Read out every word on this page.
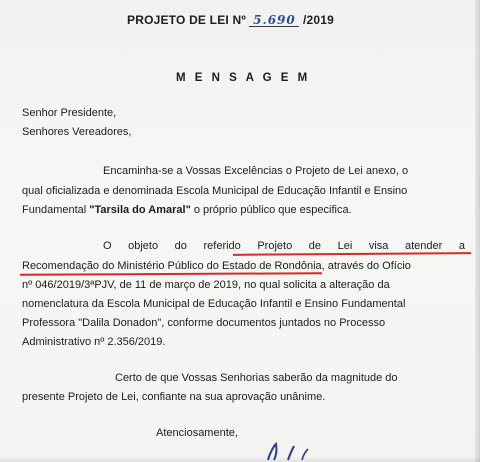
PROJETO DE LEI Nº 5.690 /2019
M E N S A G E M
Senhor Presidente,
Senhores Vereadores,
Encaminha-se a Vossas Excelências o Projeto de Lei anexo, o
qual oficializada e denominada Escola Municipal de Educação Infantil e Ensino
Fundamental "Tarsila do Amaral" o próprio público que especifica.
O objeto do referido Projeto de Lei visa atender a
Recomendação do Ministério Público do Estado de Rondônia, através do Ofício
nº 046/2019/3ªPJV, de 11 de março de 2019, no qual solicita a alteração da
nomenclatura da Escola Municipal de Educação Infantil e Ensino Fundamental
Professora "Dalila Donadon", conforme documentos juntados no Processo
Administrativo nº 2.356/2019.
Certo de que Vossas Senhorias saberão da magnitude do
presente Projeto de Lei, confiante na sua aprovação unânime.
Atenciosamente,
